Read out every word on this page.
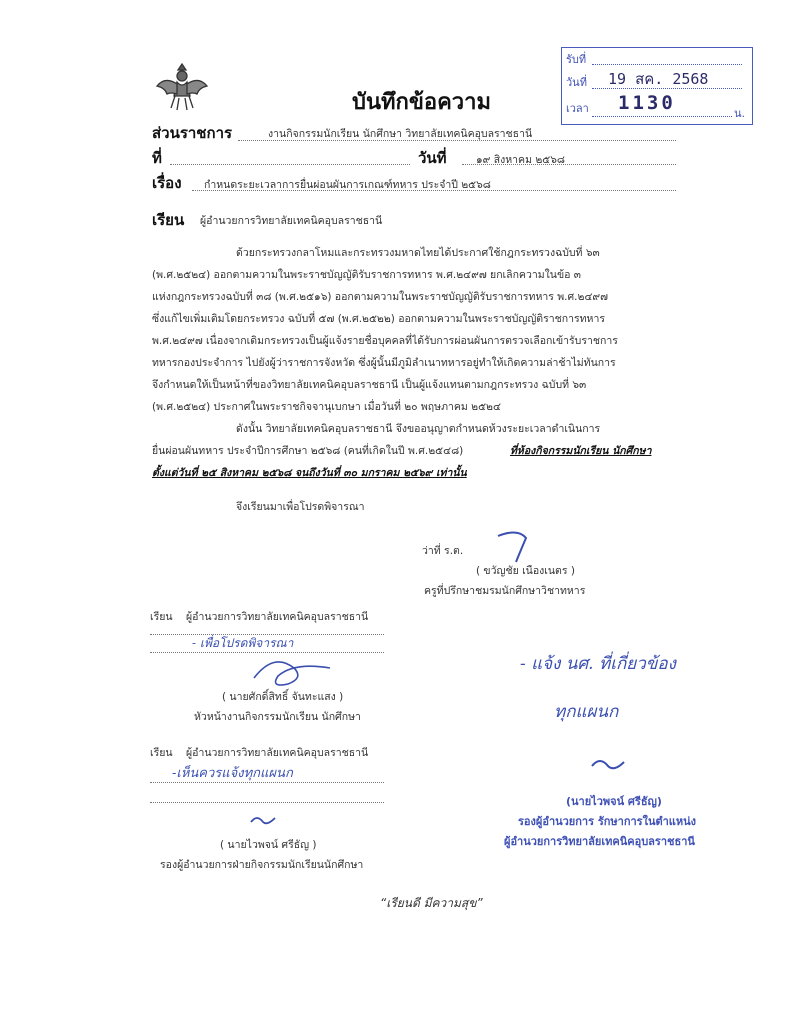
บันทึกข้อความ
รับที่
วันที่ 19 สค. 2568
เวลา 1130	น.
ส่วนราชการ	งานกิจกรรมนักเรียน นักศึกษา วิทยาลัยเทคนิคอุบลราชธานี
ที่	วันที่	๑๙ สิงหาคม ๒๕๖๘
เรื่อง กำหนดระยะเวลาการยื่นผ่อนผันการเกณฑ์ทหาร ประจำปี ๒๕๖๘
เรียน ผู้อำนวยการวิทยาลัยเทคนิคอุบลราชธานี
ด้วยกระทรวงกลาโหมและกระทรวงมหาดไทยได้ประกาศใช้กฎกระทรวงฉบับที่ ๖๓
(พ.ศ.๒๕๒๔) ออกตามความในพระราชบัญญัติรับราชการทหาร พ.ศ.๒๔๙๗ ยกเลิกความในข้อ ๓
แห่งกฎกระทรวงฉบับที่ ๓๘ (พ.ศ.๒๕๑๖) ออกตามความในพระราชบัญญัติรับราชการทหาร พ.ศ.๒๔๙๗
ซึ่งแก้ไขเพิ่มเติมโดยกระทรวง ฉบับที่ ๕๗ (พ.ศ.๒๕๒๒) ออกตามความในพระราชบัญญัติราชการทหาร
พ.ศ.๒๔๙๗ เนื่องจากเดิมกระทรวงเป็นผู้แจ้งรายชื่อบุคคลที่ได้รับการผ่อนผันการตรวจเลือกเข้ารับราชการ
ทหารกองประจำการ ไปยังผู้ว่าราชการจังหวัด ซึ่งผู้นั้นมีภูมิลำเนาทหารอยู่ทำให้เกิดความล่าช้าไม่ทันการ
จึงกำหนดให้เป็นหน้าที่ของวิทยาลัยเทคนิคอุบลราชธานี เป็นผู้แจ้งแทนตามกฎกระทรวง ฉบับที่ ๖๓
(พ.ศ.๒๕๒๔) ประกาศในพระราชกิจจานุเบกษา เมื่อวันที่ ๒๐ พฤษภาคม ๒๕๒๔
ดังนั้น วิทยาลัยเทคนิคอุบลราชธานี จึงขออนุญาตกำหนดห้วงระยะเวลาดำเนินการ
ยื่นผ่อนผันทหาร ประจำปีการศึกษา ๒๕๖๘ (คนที่เกิดในปี พ.ศ.๒๕๔๘)	ที่ห้องกิจกรรมนักเรียน นักศึกษา
ตั้งแต่วันที่ ๒๕ สิงหาคม ๒๕๖๘ จนถึงวันที่ ๓๐ มกราคม ๒๕๖๙ เท่านั้น
จึงเรียนมาเพื่อโปรดพิจารณา
ว่าที่ ร.ต.
( ขวัญชัย เนืองเนตร )
ครูที่ปรึกษาชมรมนักศึกษาวิชาทหาร
เรียน ผู้อำนวยการวิทยาลัยเทคนิคอุบลราชธานี
- เพื่อโปรดพิจารณา
( นายศักดิ์สิทธิ์ จันทะแสง )
หัวหน้างานกิจกรรมนักเรียน นักศึกษา
- แจ้ง นศ. ที่เกี่ยวข้อง
ทุกแผนก
(นายไวพจน์ ศรีธัญ)
รองผู้อำนวยการ รักษาการในตำแหน่ง
ผู้อำนวยการวิทยาลัยเทคนิคอุบลราชธานี
เรียน ผู้อำนวยการวิทยาลัยเทคนิคอุบลราชธานี
-เห็นควรแจ้งทุกแผนก
( นายไวพจน์ ศรีธัญ )
รองผู้อำนวยการฝ่ายกิจกรรมนักเรียนนักศึกษา
“เรียนดี มีความสุข”
